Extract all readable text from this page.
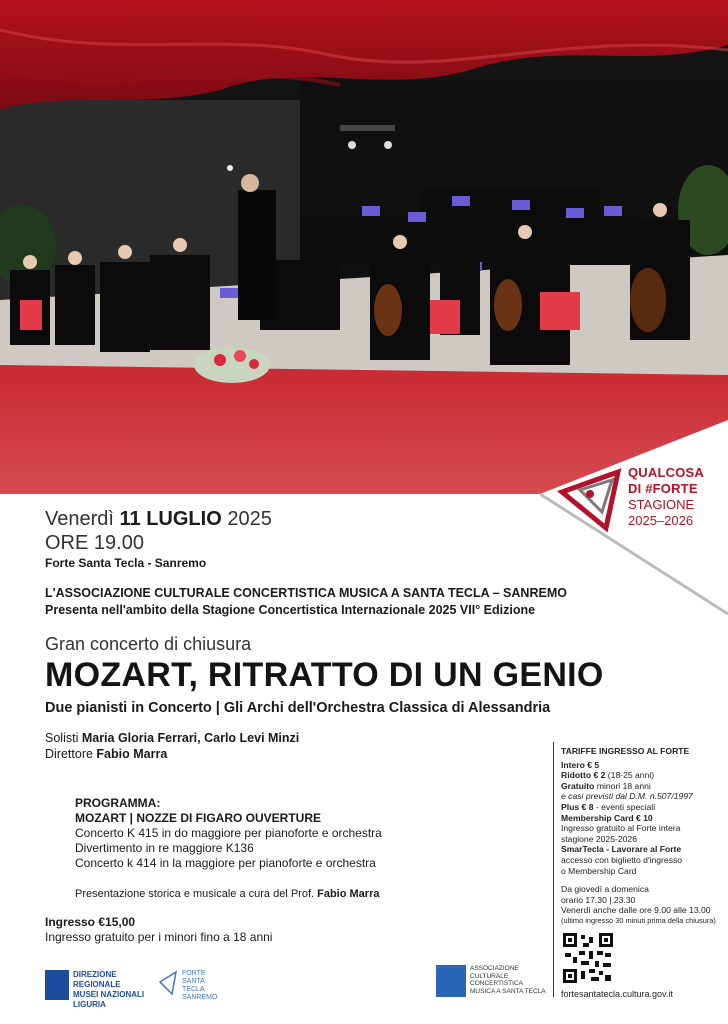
QUALCOSA
DI #FORTE
STAGIONE
2025–2026
Venerdì 11 LUGLIO 2025
ORE 19.00
Forte Santa Tecla - Sanremo
L'ASSOCIAZIONE CULTURALE CONCERTISTICA MUSICA A SANTA TECLA – SANREMO
Presenta nell'ambito della Stagione Concertistica Internazionale 2025 VII° Edizione
Gran concerto di chiusura
MOZART, RITRATTO DI UN GENIO
Due pianisti in Concerto | Gli Archi dell'Orchestra Classica di Alessandria
Solisti Maria Gloria Ferrari, Carlo Levi Minzi
Direttore Fabio Marra
PROGRAMMA:
MOZART | NOZZE DI FIGARO OUVERTURE
Concerto K 415 in do maggiore per pianoforte e orchestra
Divertimento in re maggiore K136
Concerto k 414 in la maggiore per pianoforte e orchestra
Presentazione storica e musicale a cura del Prof. Fabio Marra
Ingresso €15,00
Ingresso gratuito per i minori fino a 18 anni
TARIFFE INGRESSO AL FORTE
Intero € 5
Ridotto € 2 (18-25 anni)
Gratuito minori 18 anni
e casi previsti dal D.M. n.507/1997
Plus € 8 - eventi speciali
Membership Card € 10
Ingresso gratuito al Forte intera
stagione 2025-2026
SmarTecla - Lavorare al Forte
accesso con biglietto d'ingresso
o Membership Card
Da giovedì a domenica
orario 17.30 | 23.30
Venerdì anche dalle ore 9.00 alle 13.00
(ultimo ingresso 30 minuti prima della chiusura)
fortesantatecla.cultura.gov.it
DIREZIONE REGIONALE
MUSEI NAZIONALI
LIGURIA
FORTE
SANTA
TECLA
SANREMO
ASSOCIAZIONE
CULTURALE
CONCERTISTICA
MUSICA A SANTA TECLA
